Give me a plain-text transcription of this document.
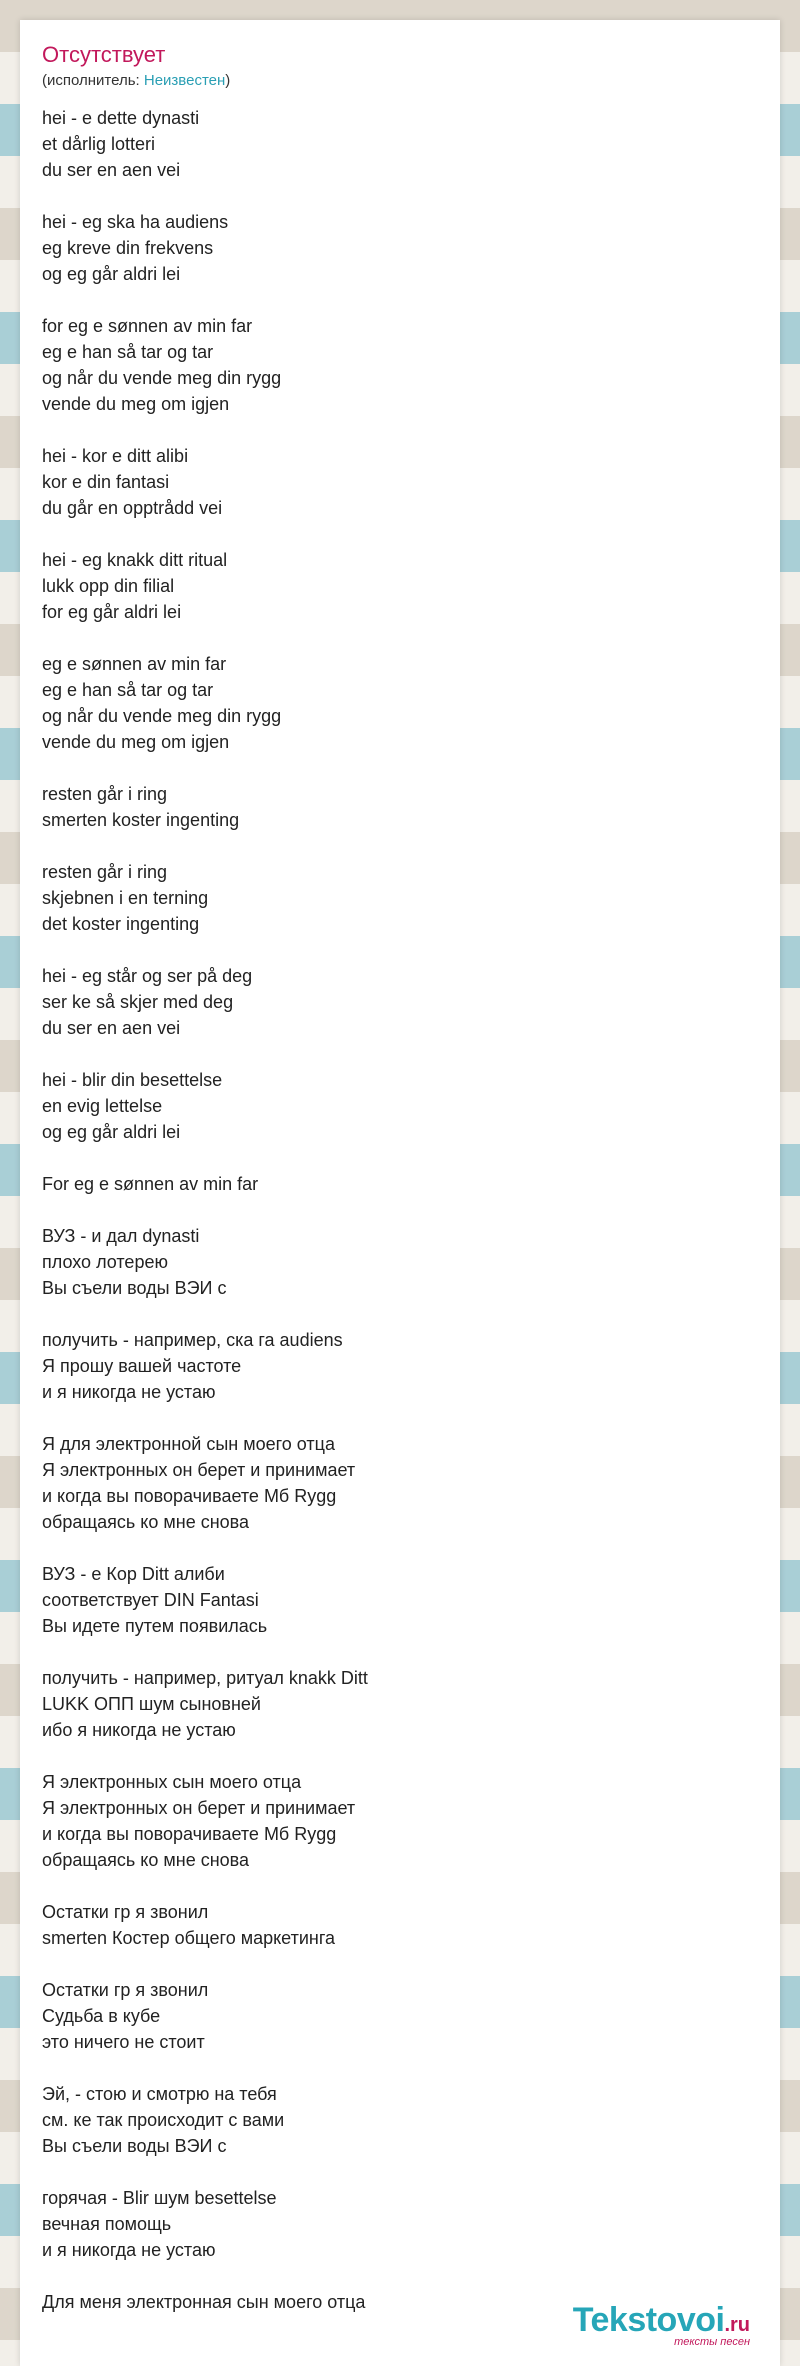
Отсутствует
(исполнитель: Неизвестен)
hei - e dette dynasti
et dårlig lotteri
du ser en aen vei
hei - eg ska ha audiens
eg kreve din frekvens
og eg går aldri lei
for eg e sønnen av min far
eg e han så tar og tar
og når du vende meg din rygg
vende du meg om igjen
hei - kor e ditt alibi
kor e din fantasi
du går en opptrådd vei
hei - eg knakk ditt ritual
lukk opp din filial
for eg går aldri lei
eg e sønnen av min far
eg e han så tar og tar
og når du vende meg din rygg
vende du meg om igjen
resten går i ring
smerten koster ingenting
resten går i ring
skjebnen i en terning
det koster ingenting
hei - eg står og ser på deg
ser ke så skjer med deg
du ser en aen vei
hei - blir din besettelse
en evig lettelse
og eg går aldri lei
For eg e sønnen av min far
ВУЗ - и дал dynasti
плохо лотерею
Вы съели воды ВЭИ с
получить - например, ска га audiens
Я прошу вашей частоте
и я никогда не устаю
Я для электронной сын моего отца
Я электронных он берет и принимает
и когда вы поворачиваете Мб Rygg
обращаясь ко мне снова
ВУЗ - е Кор Ditt алиби
соответствует DIN Fantasi
Вы идете путем появилась
получить - например, ритуал knakk Ditt
LUKK ОПП шум сыновней
ибо я никогда не устаю
Я электронных сын моего отца
Я электронных он берет и принимает
и когда вы поворачиваете Мб Rygg
обращаясь ко мне снова
Остатки гр я звонил
smerten Костер общего маркетинга
Остатки гр я звонил
Судьба в кубе
это ничего не стоит
Эй, - стою и смотрю на тебя
см. ке так происходит с вами
Вы съели воды ВЭИ с
горячая - Blir шум besettelse
вечная помощь
и я никогда не устаю
Для меня электронная сын моего отца	Tekstovoi.ru
тексты песен
